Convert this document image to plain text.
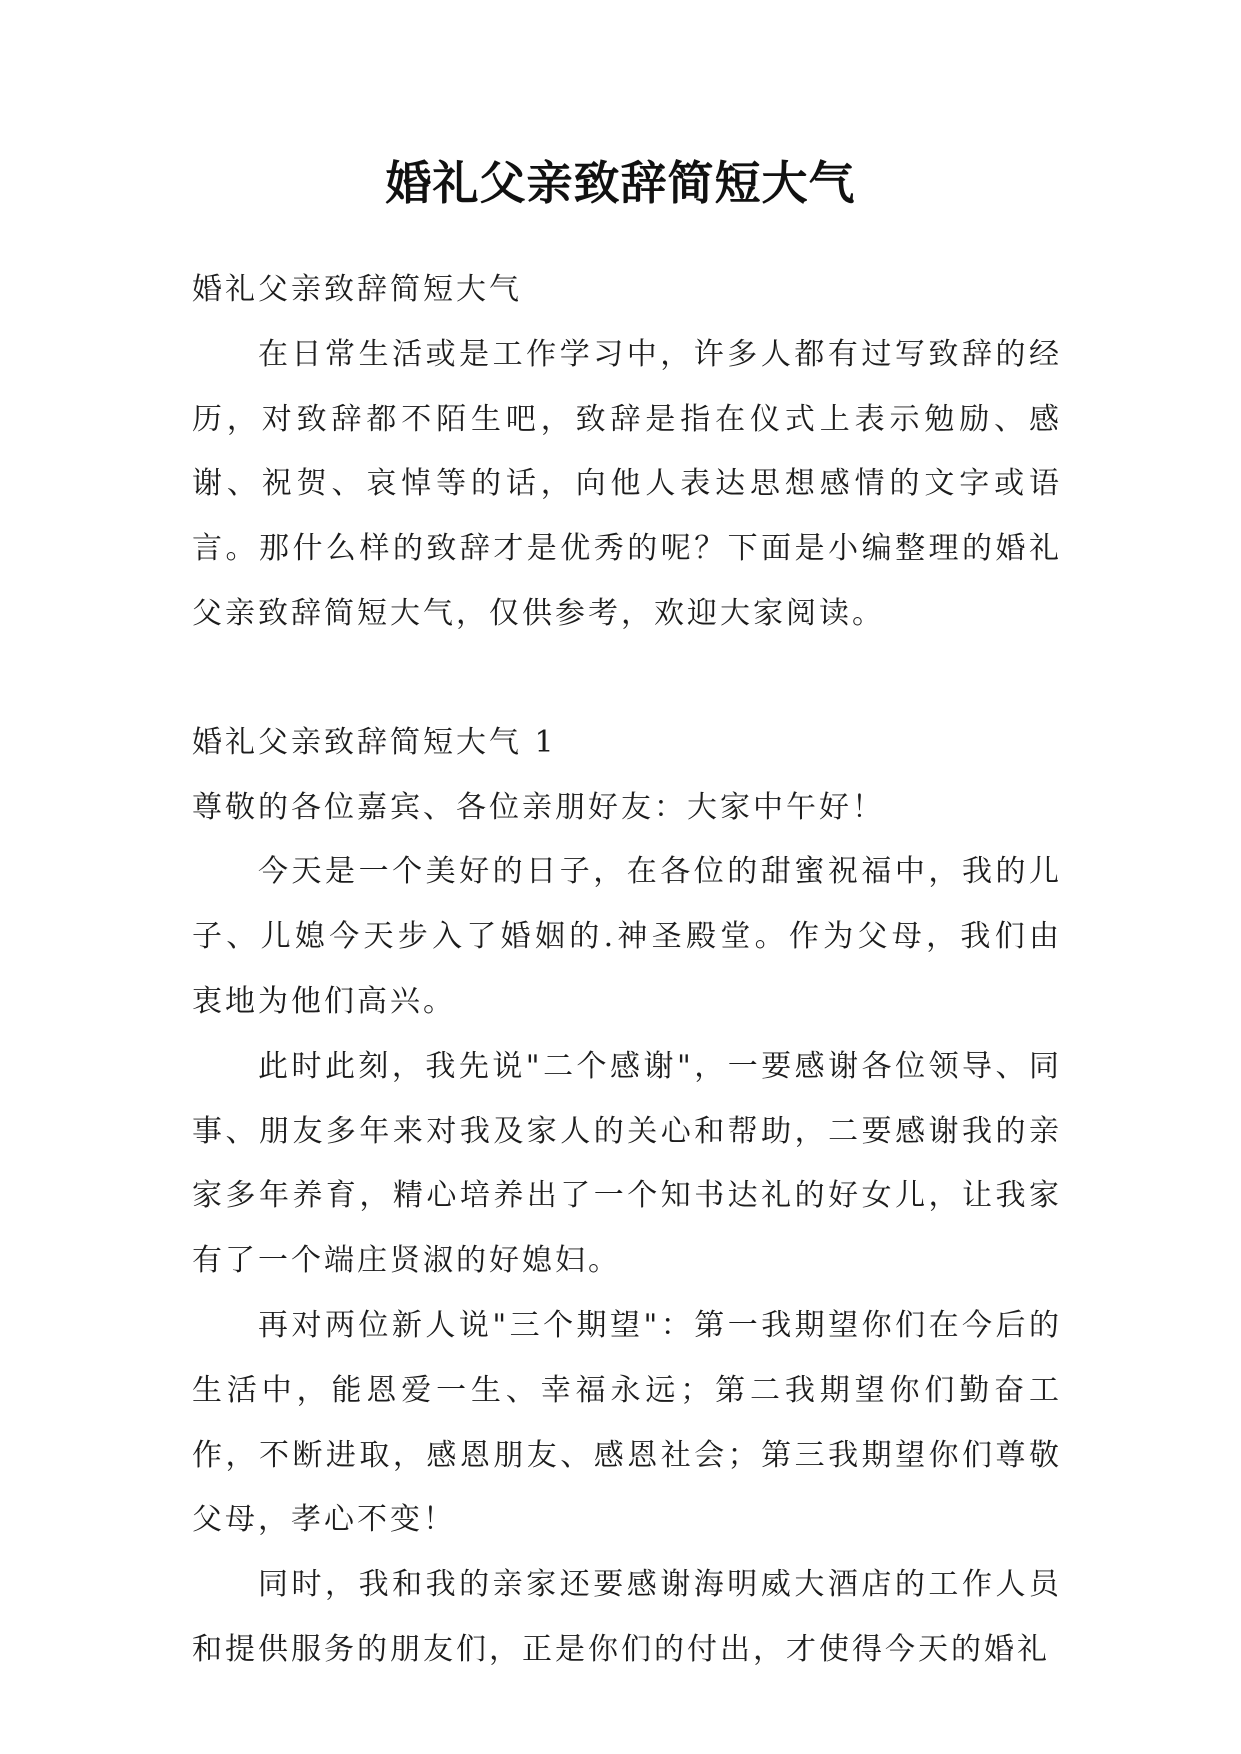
婚礼父亲致辞简短大气

婚礼父亲致辞简短大气

在日常生活或是工作学习中，许多人都有过写致辞的经历，对致辞都不陌生吧，致辞是指在仪式上表示勉励、感谢、祝贺、哀悼等的话，向他人表达思想感情的文字或语言。那什么样的致辞才是优秀的呢？下面是小编整理的婚礼父亲致辞简短大气，仅供参考，欢迎大家阅读。

婚礼父亲致辞简短大气 1

尊敬的各位嘉宾、各位亲朋好友：大家中午好！

今天是一个美好的日子，在各位的甜蜜祝福中，我的儿子、儿媳今天步入了婚姻的.神圣殿堂。作为父母，我们由衷地为他们高兴。

此时此刻，我先说"二个感谢"，一要感谢各位领导、同事、朋友多年来对我及家人的关心和帮助，二要感谢我的亲家多年养育，精心培养出了一个知书达礼的好女儿，让我家有了一个端庄贤淑的好媳妇。

再对两位新人说"三个期望"：第一我期望你们在今后的生活中，能恩爱一生、幸福永远；第二我期望你们勤奋工作，不断进取，感恩朋友、感恩社会；第三我期望你们尊敬父母，孝心不变！

同时，我和我的亲家还要感谢海明威大酒店的工作人员和提供服务的朋友们，正是你们的付出，才使得今天的婚礼
